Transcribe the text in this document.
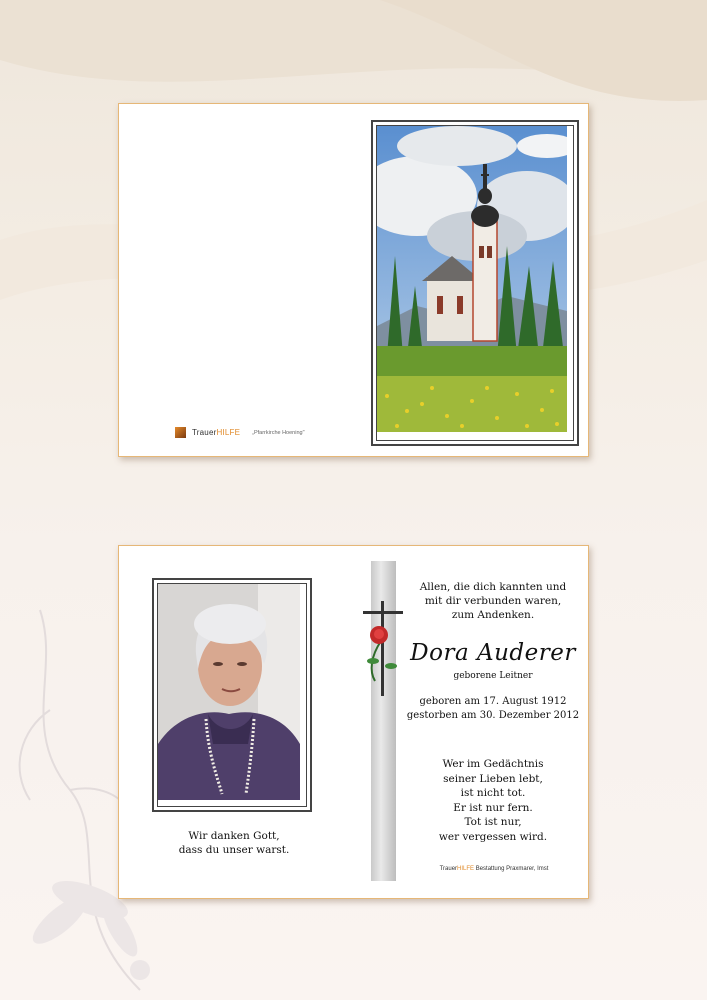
TrauerHILFE „Pfarrkirche Hoening"
Wir danken Gott,
dass du unser warst.
Allen, die dich kannten und
mit dir verbunden waren,
zum Andenken.
Dora Auderer
geborene Leitner
geboren am 17. August 1912
gestorben am 30. Dezember 2012
Wer im Gedächtnis
seiner Lieben lebt,
ist nicht tot.
Er ist nur fern.
Tot ist nur,
wer vergessen wird.
TrauerHILFE Bestattung Praxmarer, Imst
